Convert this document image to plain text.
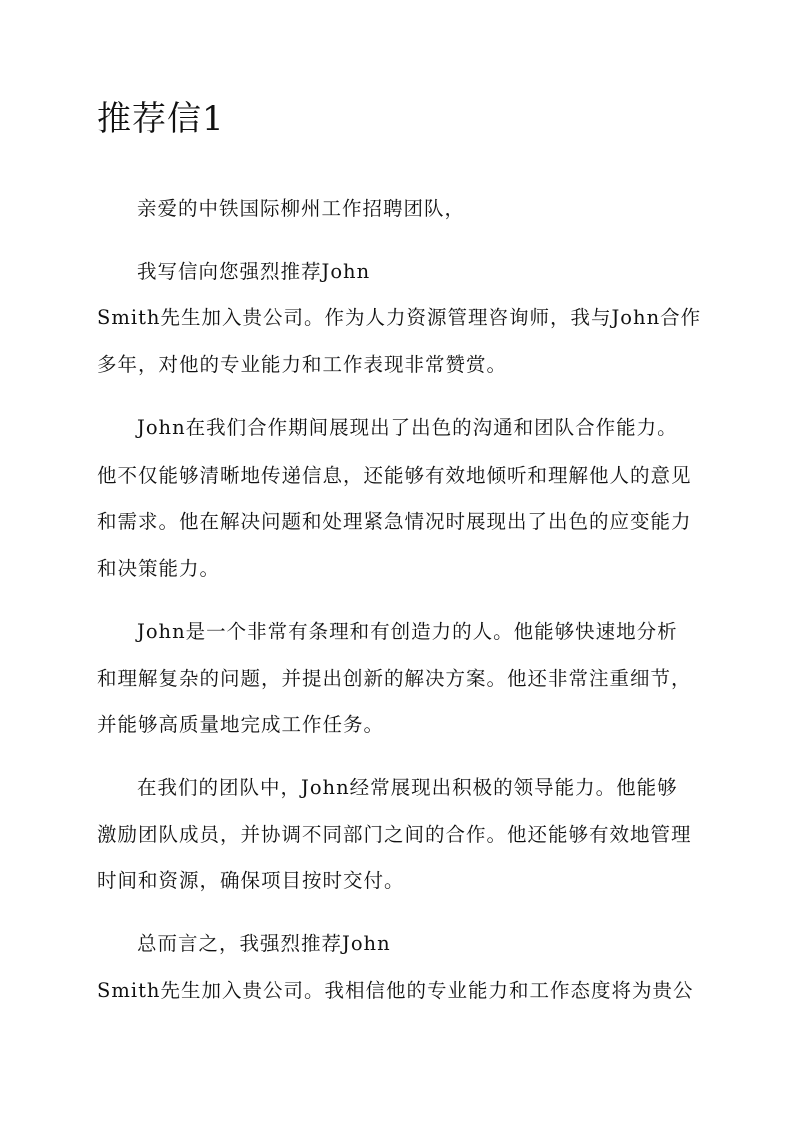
推荐信1
亲爱的中铁国际柳州工作招聘团队，
我写信向您强烈推荐John
Smith先生加入贵公司。作为人力资源管理咨询师，我与John合作
多年，对他的专业能力和工作表现非常赞赏。
John在我们合作期间展现出了出色的沟通和团队合作能力。
他不仅能够清晰地传递信息，还能够有效地倾听和理解他人的意见
和需求。他在解决问题和处理紧急情况时展现出了出色的应变能力
和决策能力。
John是一个非常有条理和有创造力的人。他能够快速地分析
和理解复杂的问题，并提出创新的解决方案。他还非常注重细节，
并能够高质量地完成工作任务。
在我们的团队中，John经常展现出积极的领导能力。他能够
激励团队成员，并协调不同部门之间的合作。他还能够有效地管理
时间和资源，确保项目按时交付。
总而言之，我强烈推荐John
Smith先生加入贵公司。我相信他的专业能力和工作态度将为贵公
